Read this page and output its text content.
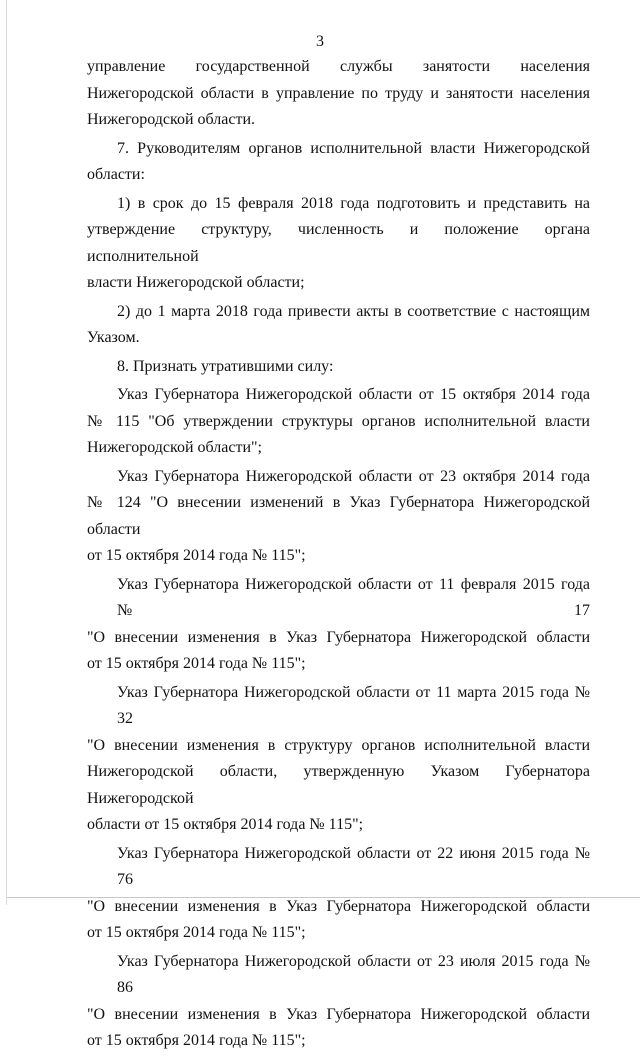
3
управление государственной службы занятости населения
Нижегородской области в управление по труду и занятости населения
Нижегородской области.
7. Руководителям органов исполнительной власти Нижегородской
области:
1) в срок до 15 февраля 2018 года подготовить и представить на
утверждение структуру, численность и положение органа исполнительной
власти Нижегородской области;
2) до 1 марта 2018 года привести акты в соответствие с настоящим
Указом.
8. Признать утратившими силу:
Указ Губернатора Нижегородской области от 15 октября 2014 года
№ 115 "Об утверждении структуры органов исполнительной власти
Нижегородской области";
Указ Губернатора Нижегородской области от 23 октября 2014 года
№ 124 "О внесении изменений в Указ Губернатора Нижегородской области
от 15 октября 2014 года № 115";
Указ Губернатора Нижегородской области от 11 февраля 2015 года № 17
"О внесении изменения в Указ Губернатора Нижегородской области
от 15 октября 2014 года № 115";
Указ Губернатора Нижегородской области от 11 марта 2015 года № 32
"О внесении изменения в структуру органов исполнительной власти
Нижегородской области, утвержденную Указом Губернатора Нижегородской
области от 15 октября 2014 года № 115";
Указ Губернатора Нижегородской области от 22 июня 2015 года № 76
"О внесении изменения в Указ Губернатора Нижегородской области
от 15 октября 2014 года № 115";
Указ Губернатора Нижегородской области от 23 июля 2015 года № 86
"О внесении изменения в Указ Губернатора Нижегородской области
от 15 октября 2014 года № 115";
